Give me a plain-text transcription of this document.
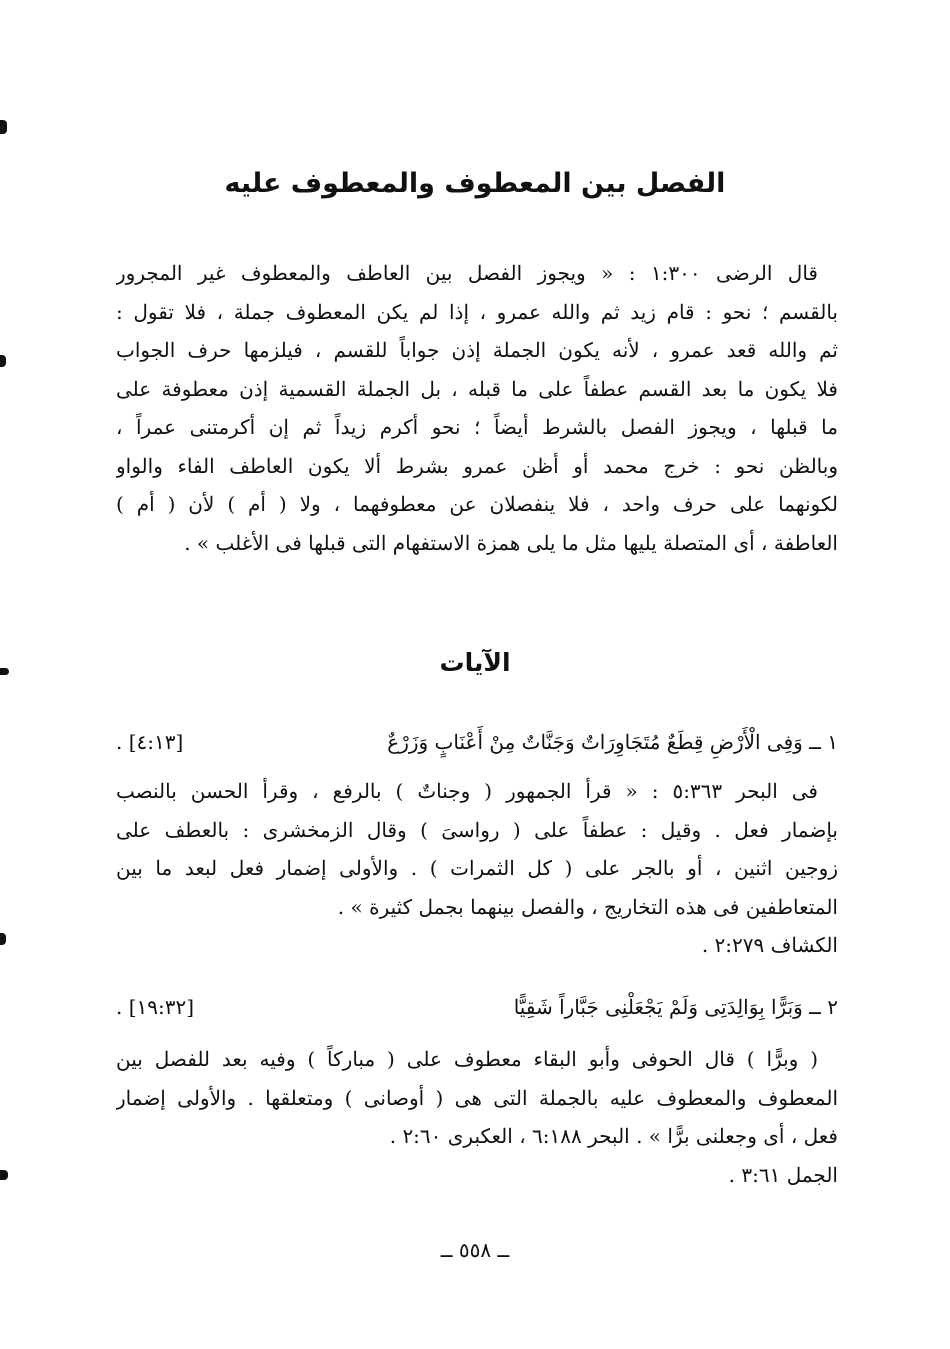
الفصل بين المعطوف والمعطوف عليه
قال الرضى ١:٣٠٠ : « ويجوز الفصل بين العاطف والمعطوف غير المجرور
بالقسم ؛ نحو : قام زيد ثم والله عمرو ، إذا لم يكن المعطوف جملة ، فلا تقول :
ثم والله قعد عمرو ، لأنه يكون الجملة إذن جواباً للقسم ، فيلزمها حرف الجواب
فلا يكون ما بعد القسم عطفاً على ما قبله ، بل الجملة القسمية إذن معطوفة على
ما قبلها ، ويجوز الفصل بالشرط أيضاً ؛ نحو أكرم زيداً ثم إن أكرمتنى عمراً ،
وبالظن نحو : خرج محمد أو أظن عمرو بشرط ألا يكون العاطف الفاء والواو
لكونهما على حرف واحد ، فلا ينفصلان عن معطوفهما ، ولا ( أم ) لأن ( أم )
العاطفة ، أى المتصلة يليها مثل ما يلى همزة الاستفهام التى قبلها فى الأغلب » .
الآيات
١ ــ وَفِى الْأَرْضِ قِطَعٌ مُتَجَاوِرَاتٌ وَجَنَّاتٌ مِنْ أَعْنَابٍ وَزَرْعٌ
[٤:١٣] .
فى البحر ٥:٣٦٣ : « قرأ الجمهور ( وجناتٌ ) بالرفع ، وقرأ الحسن بالنصب
بإضمار فعل . وقيل : عطفاً على ( رواسىَ ) وقال الزمخشرى : بالعطف على
زوجين اثنين ، أو بالجر على ( كل الثمرات ) . والأولى إضمار فعل لبعد ما بين
المتعاطفين فى هذه التخاريج ، والفصل بينهما بجمل كثيرة » .
الكشاف ٢:٢٧٩ .
٢ ــ وَبَرًّا بِوَالِدَتِى وَلَمْ يَجْعَلْنِى جَبَّاراً شَقِيًّا
[١٩:٣٢] .
( وبرًّا ) قال الحوفى وأبو البقاء معطوف على ( مباركاً ) وفيه بعد للفصل بين
المعطوف والمعطوف عليه بالجملة التى هى ( أوصانى ) ومتعلقها . والأولى إضمار
فعل ، أى وجعلنى برًّا » . البحر ٦:١٨٨ ، العكبرى ٢:٦٠ .
الجمل ٣:٦١ .
ــ ٥٥٨ ــ
